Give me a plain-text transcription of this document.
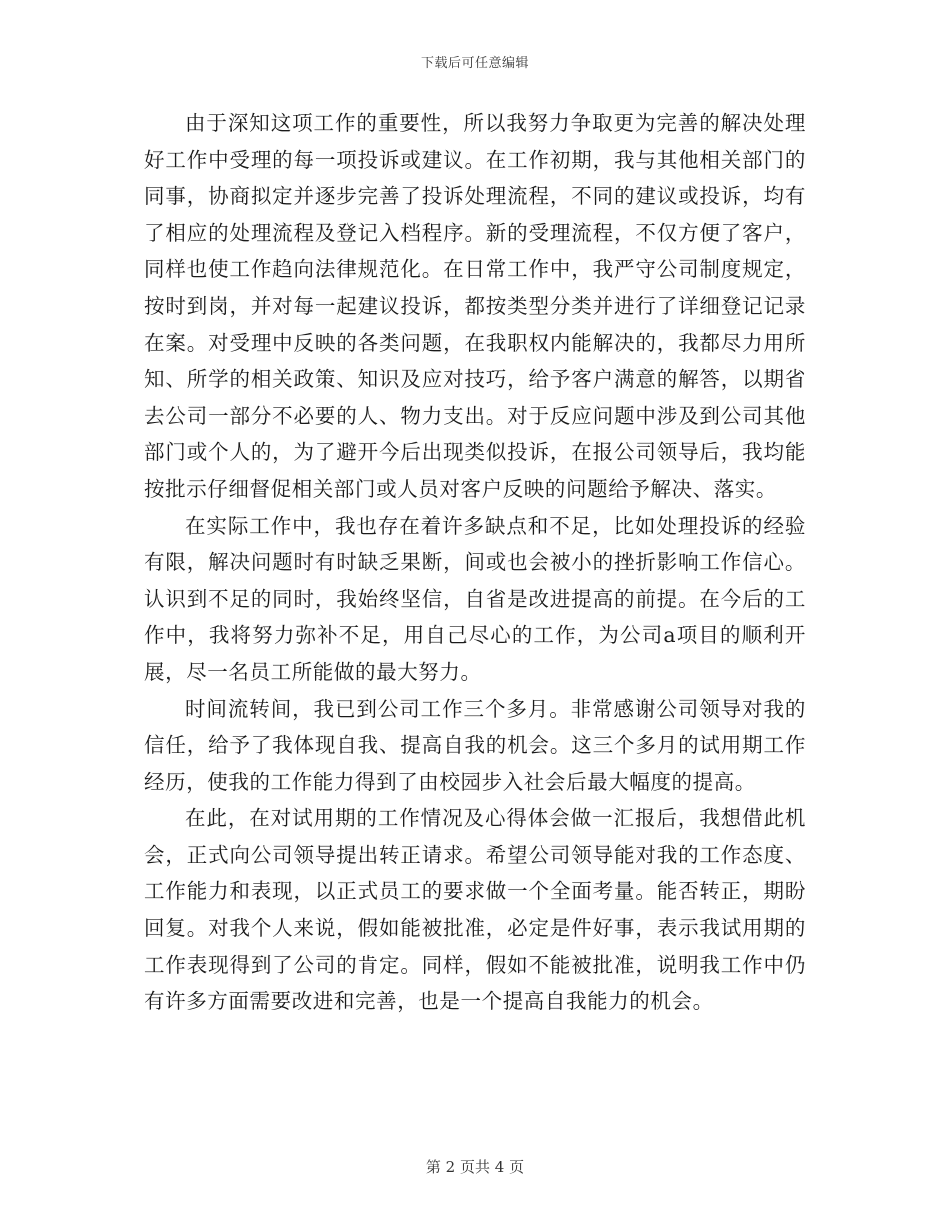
下载后可任意编辑

由于深知这项工作的重要性，所以我努力争取更为完善的解决处理好工作中受理的每一项投诉或建议。在工作初期，我与其他相关部门的同事，协商拟定并逐步完善了投诉处理流程，不同的建议或投诉，均有了相应的处理流程及登记入档程序。新的受理流程，不仅方便了客户，同样也使工作趋向法律规范化。在日常工作中，我严守公司制度规定，按时到岗，并对每一起建议投诉，都按类型分类并进行了详细登记记录在案。对受理中反映的各类问题，在我职权内能解决的，我都尽力用所知、所学的相关政策、知识及应对技巧，给予客户满意的解答，以期省去公司一部分不必要的人、物力支出。对于反应问题中涉及到公司其他部门或个人的，为了避开今后出现类似投诉，在报公司领导后，我均能按批示仔细督促相关部门或人员对客户反映的问题给予解决、落实。

在实际工作中，我也存在着许多缺点和不足，比如处理投诉的经验有限，解决问题时有时缺乏果断，间或也会被小的挫折影响工作信心。认识到不足的同时，我始终坚信，自省是改进提高的前提。在今后的工作中，我将努力弥补不足，用自己尽心的工作，为公司a项目的顺利开展，尽一名员工所能做的最大努力。

时间流转间，我已到公司工作三个多月。非常感谢公司领导对我的信任，给予了我体现自我、提高自我的机会。这三个多月的试用期工作经历，使我的工作能力得到了由校园步入社会后最大幅度的提高。

在此，在对试用期的工作情况及心得体会做一汇报后，我想借此机会，正式向公司领导提出转正请求。希望公司领导能对我的工作态度、工作能力和表现，以正式员工的要求做一个全面考量。能否转正，期盼回复。对我个人来说，假如能被批准，必定是件好事，表示我试用期的工作表现得到了公司的肯定。同样，假如不能被批准，说明我工作中仍有许多方面需要改进和完善，也是一个提高自我能力的机会。

第 2 页共 4 页
